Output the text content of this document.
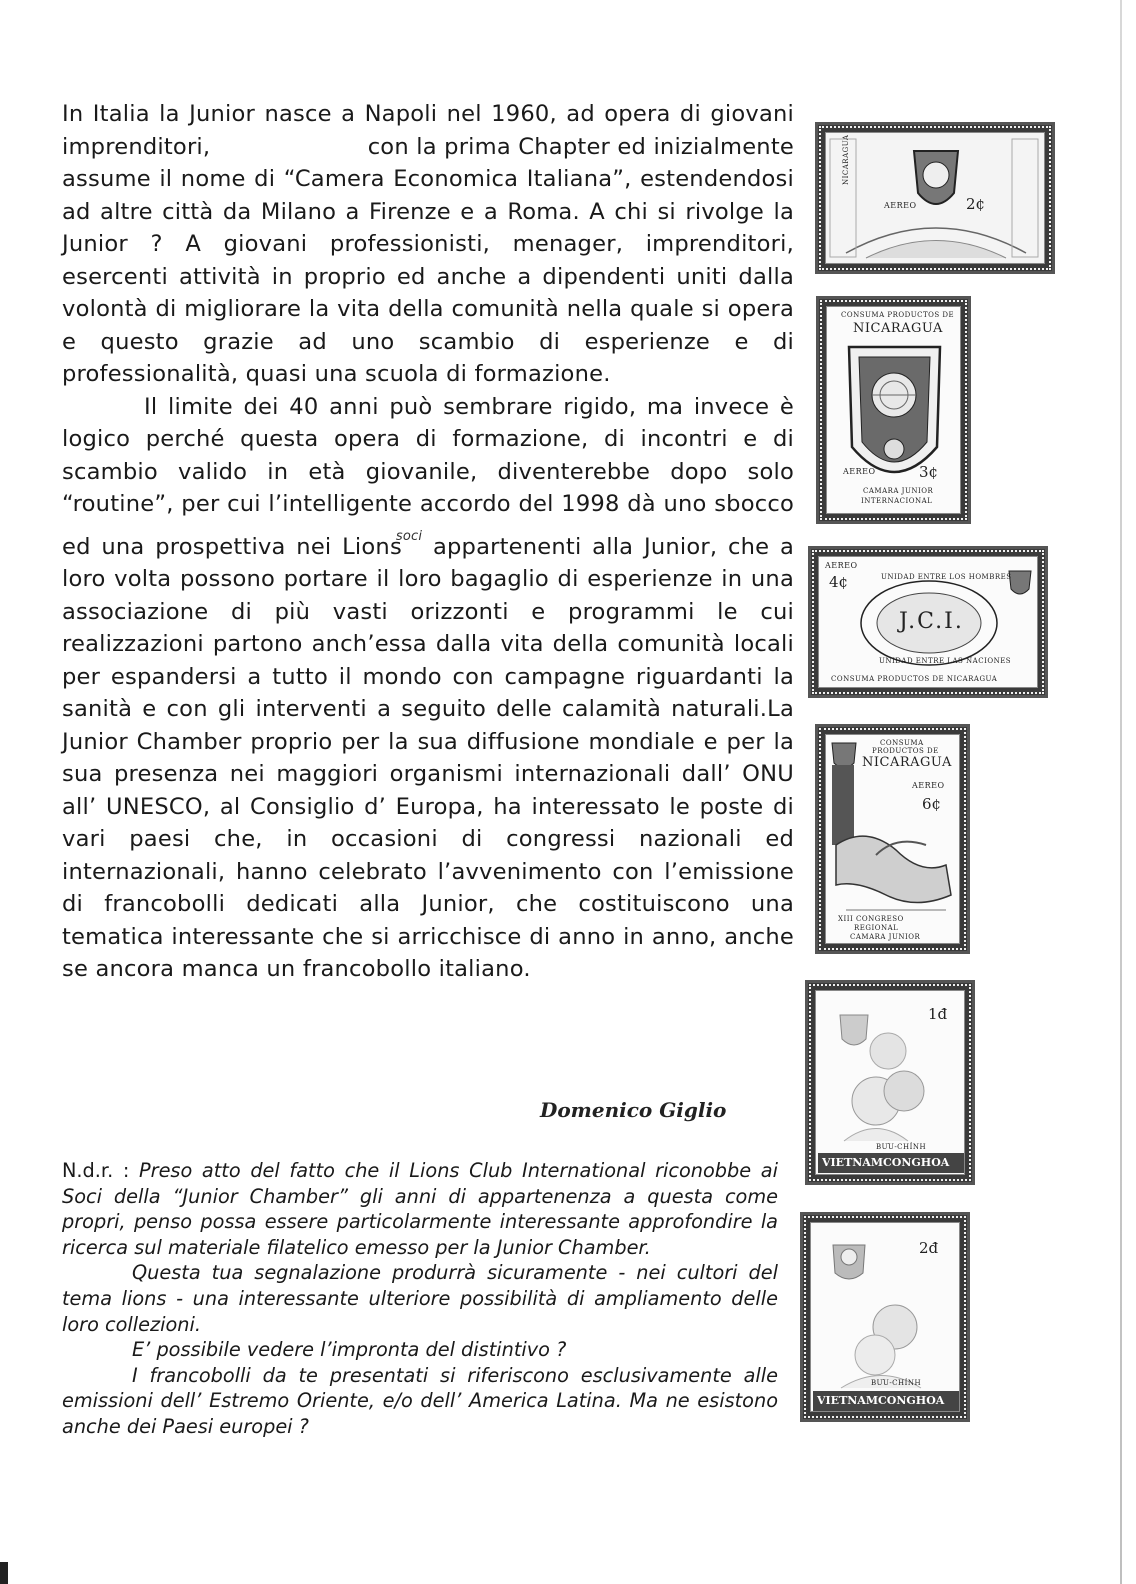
In Italia la Junior nasce a Napoli nel 1960, ad opera di giovani imprenditori,	con la prima Chapter ed inizialmente assume il nome di “Camera Economica Italiana”, estendendosi ad altre città da Milano a Firenze e a Roma. A chi si rivolge la Junior ? A giovani professionisti, menager, imprenditori, esercenti attività in proprio ed anche a dipendenti uniti dalla volontà di migliorare la vita della comunità nella quale si opera e questo grazie ad uno scambio di esperienze e di professionalità, quasi una scuola di formazione.

Il limite dei 40 anni può sembrare rigido, ma invece è logico perché questa opera di formazione, di incontri e di scambio valido in età giovanile, diventerebbe dopo solo “routine”, per cui l’intelligente accordo del 1998 dà uno sbocco ed una prospettiva nei Lions$^{soci}$ appartenenti alla Junior, che a loro volta possono portare il loro bagaglio di esperienze in una associazione di più vasti orizzonti e programmi le cui realizzazioni partono anch’essa dalla vita della comunità locali per espandersi a tutto il mondo con campagne riguardanti la sanità e con gli interventi a seguito delle calamità naturali.La Junior Chamber proprio per la sua diffusione mondiale e per la sua presenza nei maggiori organismi internazionali dall’ ONU all’ UNESCO, al Consiglio d’ Europa, ha interessato le poste di vari paesi che, in occasioni di congressi nazionali ed internazionali, hanno celebrato l’avvenimento con l’emissione di francobolli dedicati alla Junior, che costituiscono una tematica interessante che si arricchisce di anno in anno, anche se ancora manca un francobollo italiano.

Domenico Giglio

N.d.r. : Preso atto del fatto che il Lions Club International riconobbe ai Soci della “Junior Chamber” gli anni di appartenenza a questa come propri, penso possa essere particolarmente interessante approfondire la ricerca sul materiale filatelico emesso per la Junior Chamber.

Questa tua segnalazione produrrà sicuramente - nei cultori del tema lions - una interessante ulteriore possibilità di ampliamento delle loro collezioni.

E’ possibile vedere l’impronta del distintivo ?

I francobolli da te presentati si riferiscono esclusivamente alle emissioni dell’ Estremo Oriente, e/o dell’ America Latina. Ma ne esistono anche dei Paesi europei ?

NICARAGUA
AEREO	2¢
CONSUMA PRODUCTOS DE
NICARAGUA
AEREO	3¢
CAMARA JUNIOR
INTERNACIONAL
AEREO
4¢	UNIDAD ENTRE LOS HOMBRES
J.C.I.
UNIDAD ENTRE LAS NACIONES
CONSUMA PRODUCTOS DE NICARAGUA
CONSUMA
PRODUCTOS DE
NICARAGUA
AEREO
6¢
XIII CONGRESO
REGIONAL
CAMARA JUNIOR
1đ
BƯU-CHÍNH
VIETNAMCONGHOA
2đ
BƯU-CHÍNH
VIETNAMCONGHOA
